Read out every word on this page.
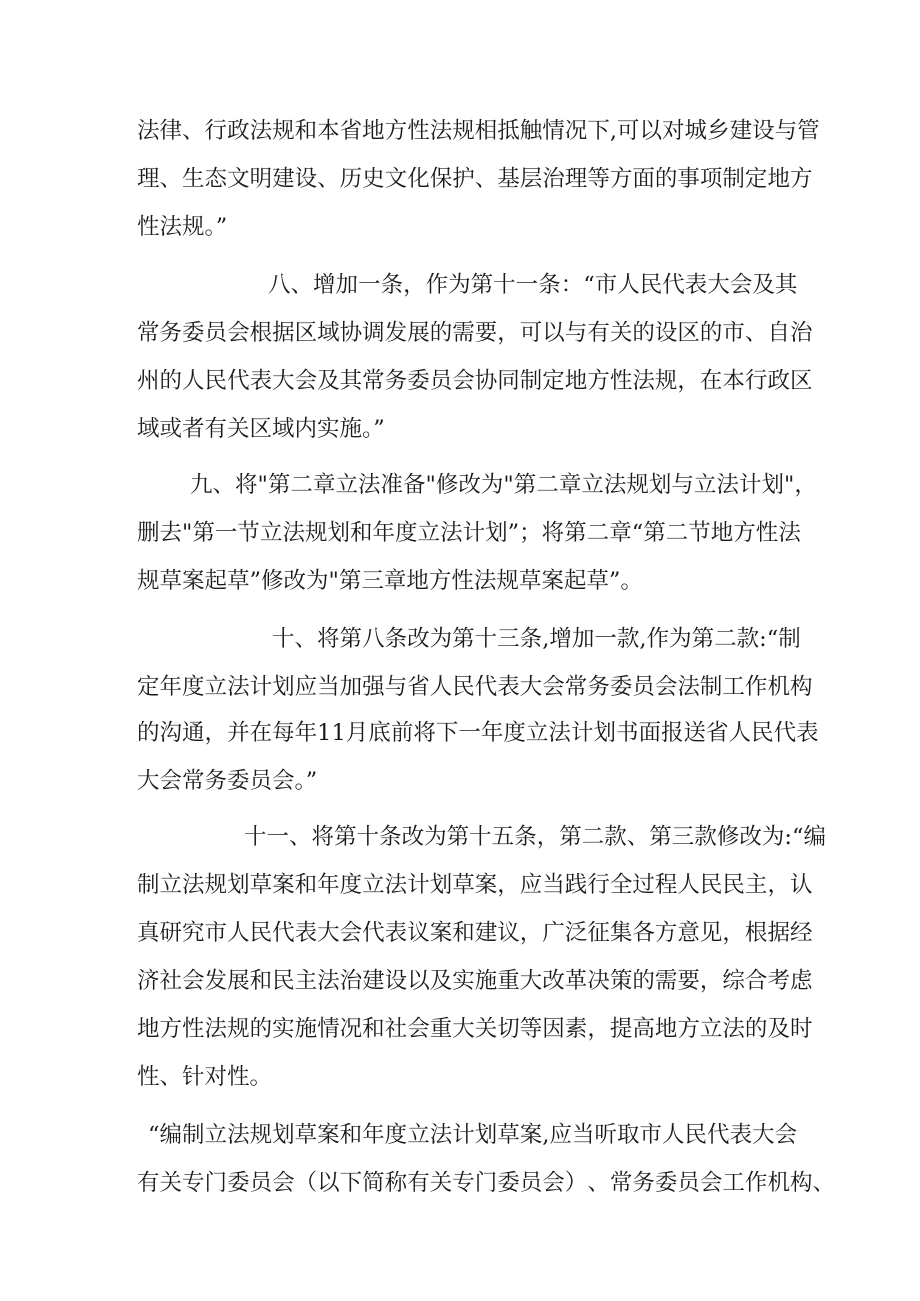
法 律 、 行 政 法 规 和 本 省 地 方 性 法 规 相 抵 触 情 况 下 , 可 以 对 城 乡 建 设 与 管
理 、 生 态 文 明 建 设 、 历 史 文 化 保 护 、 基 层 治 理 等 方 面 的 事 项 制 定 地 方
性法规。”
八 、 增 加 一 条 ， 作 为 第 十 一 条 ： “ 市 人 民 代 表 大 会 及 其
常 务 委 员 会 根 据 区 域 协 调 发 展 的 需 要 ， 可 以 与 有 关 的 设 区 的 市 、 自 治
州 的 人 民 代 表 大 会 及 其 常 务 委 员 会 协 同 制 定 地 方 性 法 规 ， 在 本 行 政 区
域或者有关区域内实施。”
九 、 将 " 第 二 章 立 法 准 备 " 修 改 为 " 第 二 章 立 法 规 划 与 立 法 计 划 " ，
删 去 " 第 一 节 立 法 规 划 和 年 度 立 法 计 划 ” ； 将 第 二 章 “ 第 二 节 地 方 性 法
规草案起草”修改为"第三章地方性法规草案起草”。
十 、 将 第 八 条 改 为 第 十 三 条 , 增 加 一 款 , 作 为 第 二 款 : “ 制
定 年 度 立 法 计 划 应 当 加 强 与 省 人 民 代 表 大 会 常 务 委 员 会 法 制 工 作 机 构
的 沟 通 ， 并 在 每 年 1 1 月 底 前 将 下 一 年 度 立 法 计 划 书 面 报 送 省 人 民 代 表
大会常务委员会。”
十 一 、 将 第 十 条 改 为 第 十 五 条 ， 第 二 款 、 第 三 款 修 改 为 : “ 编
制 立 法 规 划 草 案 和 年 度 立 法 计 划 草 案 ， 应 当 践 行 全 过 程 人 民 民 主 ， 认
真 研 究 市 人 民 代 表 大 会 代 表 议 案 和 建 议 ， 广 泛 征 集 各 方 意 见 ， 根 据 经
济 社 会 发 展 和 民 主 法 治 建 设 以 及 实 施 重 大 改 革 决 策 的 需 要 ， 综 合 考 虑
地 方 性 法 规 的 实 施 情 况 和 社 会 重 大 关 切 等 因 素 ， 提 高 地 方 立 法 的 及 时
性、针对性。
“ 编 制 立 法 规 划 草 案 和 年 度 立 法 计 划 草 案 , 应 当 听 取 市 人 民 代 表 大 会
有 关 专 门 委 员 会 （ 以 下 简 称 有 关 专 门 委 员 会 ） 、 常 务 委 员 会 工 作 机 构 、
